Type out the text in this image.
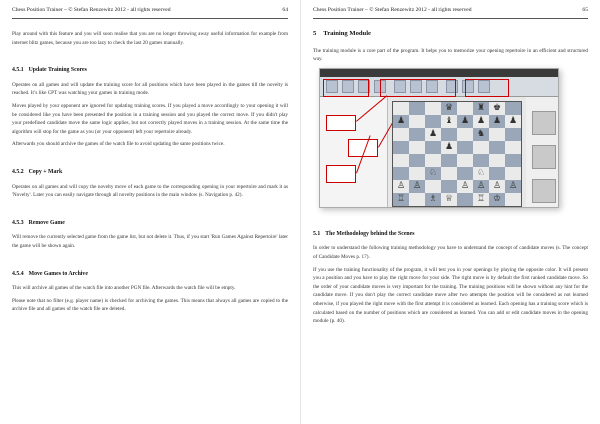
Chess Position Trainer – © Stefan Renzewitz 2012 - all rights reserved	64

Play around with this feature and you will soon realise that you are no longer throwing away useful information for example from internet blitz games, because you are too lazy to check the last 20 games manually.

4.5.1 Update Training Scores

Operates on all games and will update the training score for all positions which have been played in the games till the novelty is reached. It’s like CPT was watching your games in training mode.

Moves played by your opponent are ignored for updating training scores. If you played a move accordingly to your opening it will be considered like you have been presented the position in a training session and you played the correct move. If you didn't play your predefined candidate move the same logic applies, but not correctly played moves in a training session. At the same time the algorithm will stop for the game as you (or your opponent) left your repertoire already.

Afterwards you should archive the games of the watch file to avoid updating the same positions twice.

4.5.2 Copy + Mark

Operates on all games and will copy the novelty move of each game to the corresponding opening in your repertoire and mark it as 'Novelty'. Later you can easily navigate through all novelty positions in the main window (s. Navigation p. 42).

4.5.3 Remove Game

Will remove the currently selected game from the game list, but not delete it. Thus, if you start 'Run Games Against Repertoire' later the game will be shown again.

4.5.4 Move Games to Archive

This will archive all games of the watch file into another PGN file. Afterwards the watch file will be empty.

Please note that no filter (e.g. player name) is checked for archiving the games. This means that always all games are copied to the archive file and all games of the watch file are deleted.

Chess Position Trainer – © Stefan Renzewitz 2012 - all rights reserved	65
5 Training Module

The training module is a core part of the program. It helps you to memorize your opening repertoire in an efficient and structured way.

♛	♜ ♚
♟	♝ ♟ ♟ ♟ ♟
♟	♞
♟
♘	♘
♙ ♙	♙ ♙ ♙ ♙
♖	♗ ♕	♖ ♔
5.1 The Methodology behind the Scenes

In order to understand the following training methodology you have to understand the concept of candidate moves (s. The concept of Candidate Moves p. 17).

If you use the training functionality of the program, it will test you in your openings by playing the opposite color. It will present you a position and you have to play the right move for your side. The right move is by default the first ranked candidate move. So the order of your candidate moves is very important for the training. The training positions will be shown without any hint for the candidate move. If you don't play the correct candidate move after two attempts the position will be considered as not learned otherwise, if you played the right move with the first attempt it is considered as learned. Each opening has a training score which is calculated based on the number of positions which are considered as learned. You can add or edit candidate moves in the opening module (p. 40).
